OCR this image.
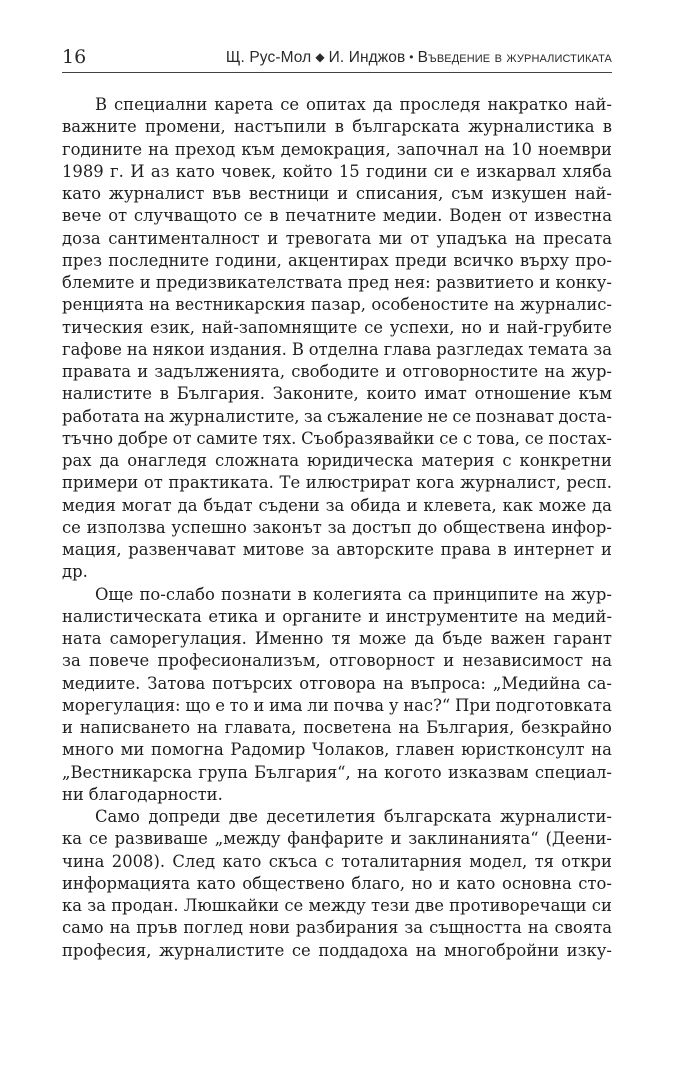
16	Щ. Рус-Мол ◆ И. Инджов • Въведение в журналистиката
В специални карета се опитах да проследя накратко най-
важните промени, настъпили в българската журналистика в
годините на преход към демокрация, започнал на 10 ноември
1989 г. И аз като човек, който 15 години си е изкарвал хляба
като журналист във вестници и списания, съм изкушен най-
вече от случващото се в печатните медии. Воден от известна
доза сантименталност и тревогата ми от упадъка на пресата
през последните години, акцентирах преди всичко върху про-
блемите и предизвикателствата пред нея: развитието и конку-
ренцията на вестникарския пазар, особеностите на журналис-
тическия език, най-запомнящите се успехи, но и най-грубите
гафове на някои издания. В отделна глава разгледах темата за
правата и задълженията, свободите и отговорностите на жур-
налистите в България. Законите, които имат отношение към
работата на журналистите, за съжаление не се познават доста-
тъчно добре от самите тях. Съобразявайки се с това, се постах-
рах да онагледя сложната юридическа материя с конкретни
примери от практиката. Те илюстрират кога журналист, респ.
медия могат да бъдат съдени за обида и клевета, как може да
се използва успешно законът за достъп до обществена инфор-
мация, развенчават митове за авторските права в интернет и
др.
Още по-слабо познати в колегията са принципите на жур-
налистическата етика и органите и инструментите на медий-
ната саморегулация. Именно тя може да бъде важен гарант
за повече професионализъм, отговорност и независимост на
медиите. Затова потърсих отговора на въпроса: „Медийна са-
морегулация: що е то и има ли почва у нас?“ При подготовката
и написването на главата, посветена на България, безкрайно
много ми помогна Радомир Чолаков, главен юристконсулт на
„Вестникарска група България“, на когото изказвам специал-
ни благодарности.
Само допреди две десетилетия българската журналисти-
ка се развиваше „между фанфарите и заклинанията“ (Деени-
чина 2008). След като скъса с тоталитарния модел, тя откри
информацията като обществено благо, но и като основна сто-
ка за продан. Люшкайки се между тези две противоречащи си
само на пръв поглед нови разбирания за същността на своята
професия, журналистите се поддадоха на многобройни изку-
